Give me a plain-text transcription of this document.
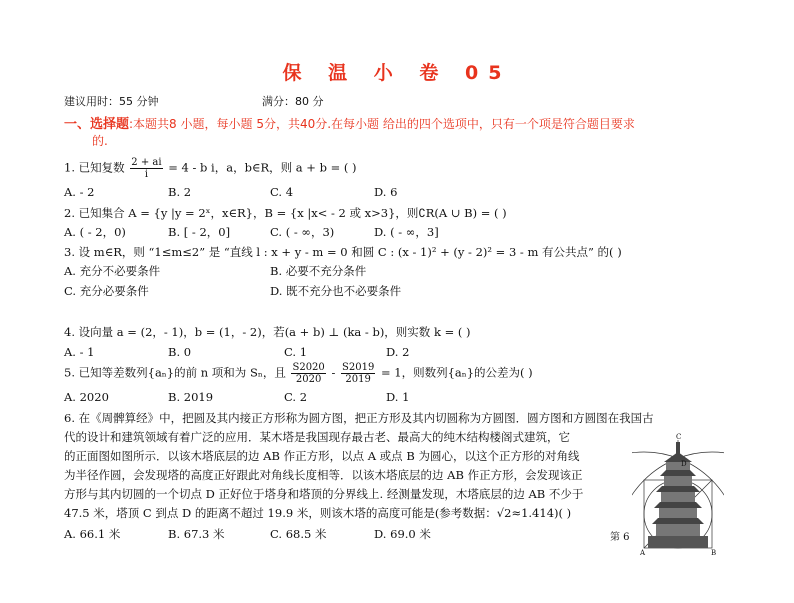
保 温 小 卷 05
建议用时：55 分钟	满分：80 分
一、选择题:本题共8 小题，每小题 5分，共40分.在每小题 给出的四个选项中，只有一个项是符合题目要求
的.
1. 已知复数 $\frac{2 + ai}{i} = 4 - b$ i，a，b∈R，则 a + b = ( )
A. - 2	B. 2	C. 4	D. 6
2. 已知集合 A = {y |y = 2ˣ，x∈R}，B = {x |x< - 2 或 x>3}，则∁R(A ∪ B) = ( )
A. ( - 2，0)	B. [ - 2，0]	C. ( - ∞，3)	D. ( - ∞，3]
3. 设 m∈R，则 “1≤m≤2” 是 “直线 l : x + y - m = 0 和圆 C : (x - 1)² + (y - 2)² = 3 - m 有公共点” 的( )
A. 充分不必要条件	B. 必要不充分条件
C. 充分必要条件	D. 既不充分也不必要条件
4. 设向量 a = (2，- 1)，b = (1，- 2)，若(a + b) ⊥ (ka - b)，则实数 k = ( )
A. - 1	B. 0	C. 1	D. 2
5. 已知等差数列{aₙ}的前 n 项和为 Sₙ，且 $\frac{S2020}{2020} - \frac{S2019}{2019} = 1$，则数列{aₙ}的公差为( )
A. 2020	B. 2019	C. 2	D. 1
6. 在《周髀算经》中，把圆及其内接正方形称为圆方图，把正方形及其内切圆称为方圆图．圆方图和方圆图在我国古
代的设计和建筑领域有着广泛的应用．某木塔是我国现存最古老、最高大的纯木结构楼阁式建筑，它
的正面图如图所示．以该木塔底层的边 AB 作正方形，以点 A 或点 B 为圆心，以这个正方形的对角线
为半径作圆，会发现塔的高度正好跟此对角线长度相等．以该木塔底层的边 AB 作正方形，会发现该正
方形与其内切圆的一个切点 D 正好位于塔身和塔顶的分界线上. 经测量发现，木塔底层的边 AB 不少于
47.5 米，塔顶 C 到点 D 的距离不超过 19.9 米，则该木塔的高度可能是(参考数据：√2≈1.414)( )
A. 66.1 米	B. 67.3 米	C. 68.5 米	D. 69.0 米
C
D
A	B
第 6
